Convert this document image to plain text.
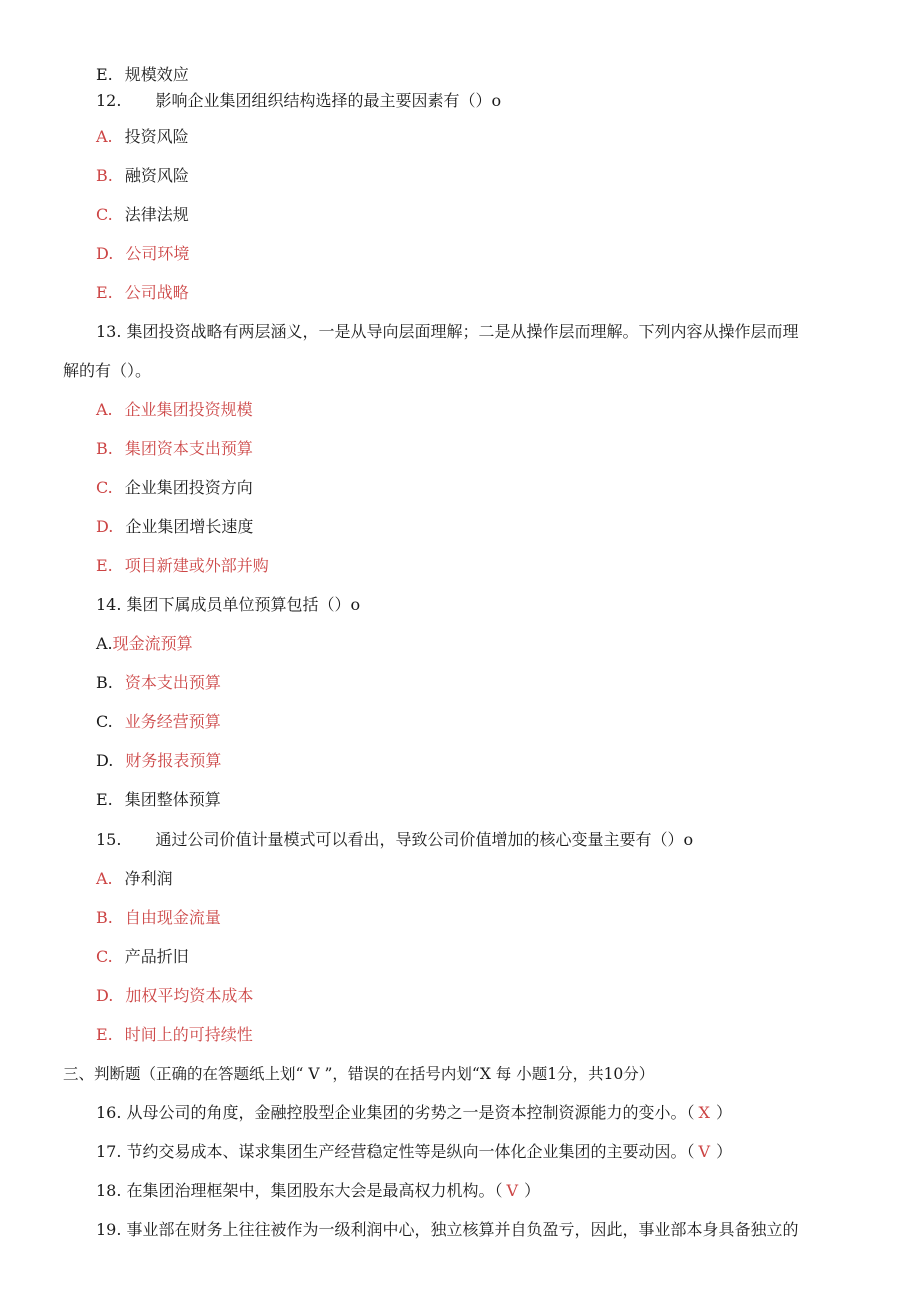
E. 规模效应
12. 影响企业集团组织结构选择的最主要因素有（）o
A. 投资风险
B. 融资风险
C. 法律法规
D. 公司环境
E. 公司战略
13. 集团投资战略有两层涵义，一是从导向层面理解；二是从操作层而理解。下列内容从操作层而理
解的有（）。
A. 企业集团投资规模
B. 集团资本支出预算
C. 企业集团投资方向
D. 企业集团增长速度
E. 项目新建或外部并购
14. 集团下属成员单位预算包括（）o
A.现金流预算
B. 资本支出预算
C. 业务经营预算
D. 财务报表预算
E. 集团整体预算
15. 通过公司价值计量模式可以看出，导致公司价值增加的核心变量主要有（）o
A. 净利润
B. 自由现金流量
C. 产品折旧
D. 加权平均资本成本
E. 时间上的可持续性
三、判断题（正确的在答题纸上划“ V ”，错误的在括号内划“X 每 小题1分，共10分）
16. 从母公司的角度，金融控股型企业集团的劣势之一是资本控制资源能力的变小。（ X ）
17. 节约交易成本、谋求集团生产经营稳定性等是纵向一体化企业集团的主要动因。（ V ）
18. 在集团治理框架中，集团股东大会是最高权力机构。（ V ）
19. 事业部在财务上往往被作为一级利润中心，独立核算并自负盈亏，因此，事业部本身具备独立的
